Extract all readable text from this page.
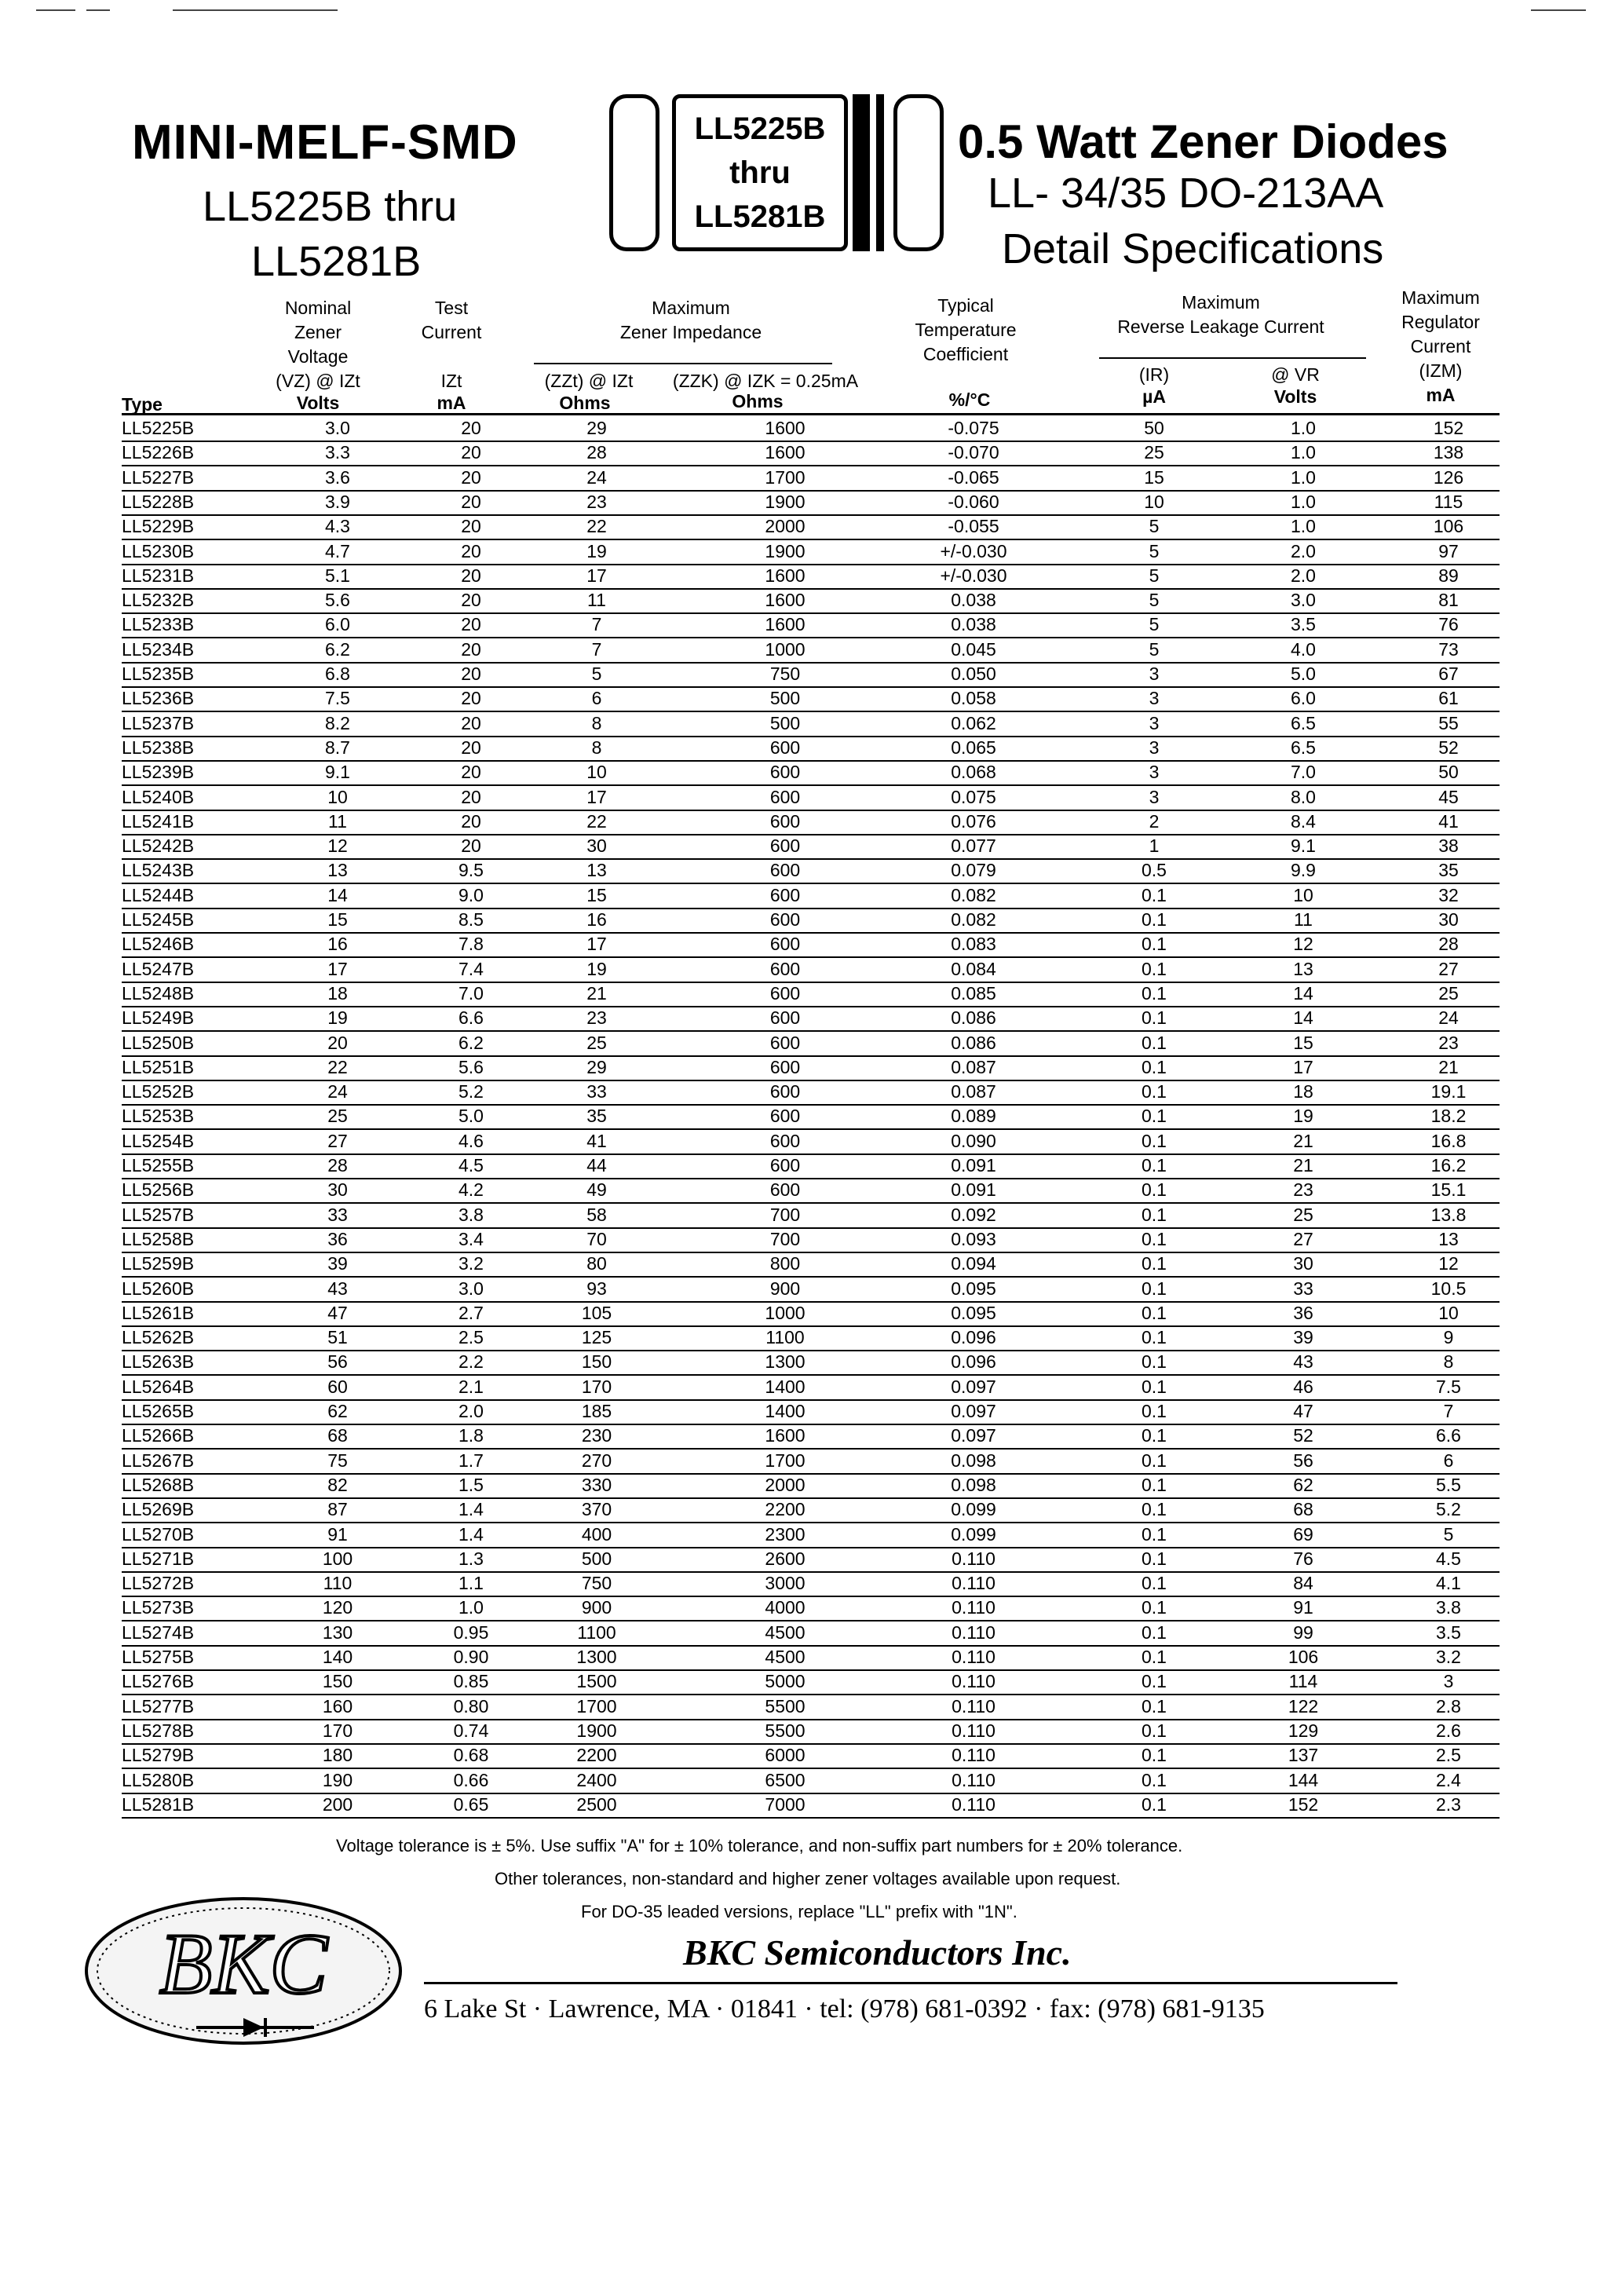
MINI-MELF-SMD
LL5225B thru
LL5281B
LL5225B
thru
LL5281B
0.5 Watt Zener Diodes
LL- 34/35 DO-213AA
Detail Specifications
Nominal
Zener
Voltage
(VZ) @ IZt
Test
Current

IZt
Maximum
Zener Impedance
(ZZt) @ IZt	(ZZK) @ IZK = 0.25mA
Typical
Temperature
Coefficient
Maximum
Reverse Leakage Current
(IR)	@ VR
Maximum
Regulator
Current
(IZM)
Type	Volts	mA	Ohms	Ohms	%/°C	µA	Volts	mA
LL5225B	3.0	20	29	1600	-0.075	50	1.0	152
LL5226B	3.3	20	28	1600	-0.070	25	1.0	138
LL5227B	3.6	20	24	1700	-0.065	15	1.0	126
LL5228B	3.9	20	23	1900	-0.060	10	1.0	115
LL5229B	4.3	20	22	2000	-0.055	5	1.0	106
LL5230B	4.7	20	19	1900	+/-0.030	5	2.0	97
LL5231B	5.1	20	17	1600	+/-0.030	5	2.0	89
LL5232B	5.6	20	11	1600	0.038	5	3.0	81
LL5233B	6.0	20	7	1600	0.038	5	3.5	76
LL5234B	6.2	20	7	1000	0.045	5	4.0	73
LL5235B	6.8	20	5	750	0.050	3	5.0	67
LL5236B	7.5	20	6	500	0.058	3	6.0	61
LL5237B	8.2	20	8	500	0.062	3	6.5	55
LL5238B	8.7	20	8	600	0.065	3	6.5	52
LL5239B	9.1	20	10	600	0.068	3	7.0	50
LL5240B	10	20	17	600	0.075	3	8.0	45
LL5241B	11	20	22	600	0.076	2	8.4	41
LL5242B	12	20	30	600	0.077	1	9.1	38
LL5243B	13	9.5	13	600	0.079	0.5	9.9	35
LL5244B	14	9.0	15	600	0.082	0.1	10	32
LL5245B	15	8.5	16	600	0.082	0.1	11	30
LL5246B	16	7.8	17	600	0.083	0.1	12	28
LL5247B	17	7.4	19	600	0.084	0.1	13	27
LL5248B	18	7.0	21	600	0.085	0.1	14	25
LL5249B	19	6.6	23	600	0.086	0.1	14	24
LL5250B	20	6.2	25	600	0.086	0.1	15	23
LL5251B	22	5.6	29	600	0.087	0.1	17	21
LL5252B	24	5.2	33	600	0.087	0.1	18	19.1
LL5253B	25	5.0	35	600	0.089	0.1	19	18.2
LL5254B	27	4.6	41	600	0.090	0.1	21	16.8
LL5255B	28	4.5	44	600	0.091	0.1	21	16.2
LL5256B	30	4.2	49	600	0.091	0.1	23	15.1
LL5257B	33	3.8	58	700	0.092	0.1	25	13.8
LL5258B	36	3.4	70	700	0.093	0.1	27	13
LL5259B	39	3.2	80	800	0.094	0.1	30	12
LL5260B	43	3.0	93	900	0.095	0.1	33	10.5
LL5261B	47	2.7	105	1000	0.095	0.1	36	10
LL5262B	51	2.5	125	1100	0.096	0.1	39	9
LL5263B	56	2.2	150	1300	0.096	0.1	43	8
LL5264B	60	2.1	170	1400	0.097	0.1	46	7.5
LL5265B	62	2.0	185	1400	0.097	0.1	47	7
LL5266B	68	1.8	230	1600	0.097	0.1	52	6.6
LL5267B	75	1.7	270	1700	0.098	0.1	56	6
LL5268B	82	1.5	330	2000	0.098	0.1	62	5.5
LL5269B	87	1.4	370	2200	0.099	0.1	68	5.2
LL5270B	91	1.4	400	2300	0.099	0.1	69	5
LL5271B	100	1.3	500	2600	0.110	0.1	76	4.5
LL5272B	110	1.1	750	3000	0.110	0.1	84	4.1
LL5273B	120	1.0	900	4000	0.110	0.1	91	3.8
LL5274B	130	0.95	1100	4500	0.110	0.1	99	3.5
LL5275B	140	0.90	1300	4500	0.110	0.1	106	3.2
LL5276B	150	0.85	1500	5000	0.110	0.1	114	3
LL5277B	160	0.80	1700	5500	0.110	0.1	122	2.8
LL5278B	170	0.74	1900	5500	0.110	0.1	129	2.6
LL5279B	180	0.68	2200	6000	0.110	0.1	137	2.5
LL5280B	190	0.66	2400	6500	0.110	0.1	144	2.4
LL5281B	200	0.65	2500	7000	0.110	0.1	152	2.3
Voltage tolerance is ± 5%. Use suffix "A" for ± 10% tolerance, and non-suffix part numbers for ± 20% tolerance.
Other tolerances, non-standard and higher zener voltages available upon request.
For DO-35 leaded versions, replace "LL" prefix with "1N".
BKC	BKC Semiconductors Inc.
6 Lake St · Lawrence, MA · 01841 · tel: (978) 681-0392 · fax: (978) 681-9135
